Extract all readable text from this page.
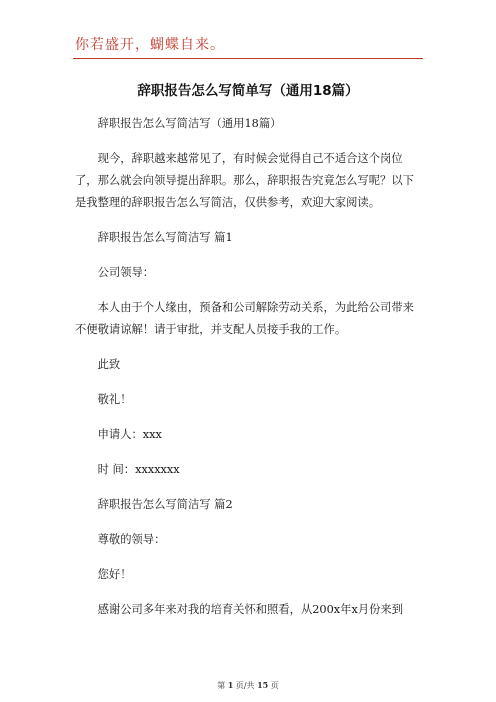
你若盛开，蝴蝶自来。
辞职报告怎么写简单写（通用18篇）

辞职报告怎么写简洁写（通用18篇）

现今，辞职越来越常见了，有时候会觉得自己不适合这个岗位了，那么就会向领导提出辞职。那么，辞职报告究竟怎么写呢？以下是我整理的辞职报告怎么写简洁，仅供参考，欢迎大家阅读。

辞职报告怎么写简洁写 篇1

公司领导：

本人由于个人缘由，预备和公司解除劳动关系，为此给公司带来不便敬请谅解！请于审批，并支配人员接手我的工作。

此致

敬礼！

申请人：xxx

时 间：xxxxxxx

辞职报告怎么写简洁写 篇2

尊敬的领导：

您好！

感谢公司多年来对我的培育关怀和照看，从200x年x月份来到

第 1 页/共 15 页
